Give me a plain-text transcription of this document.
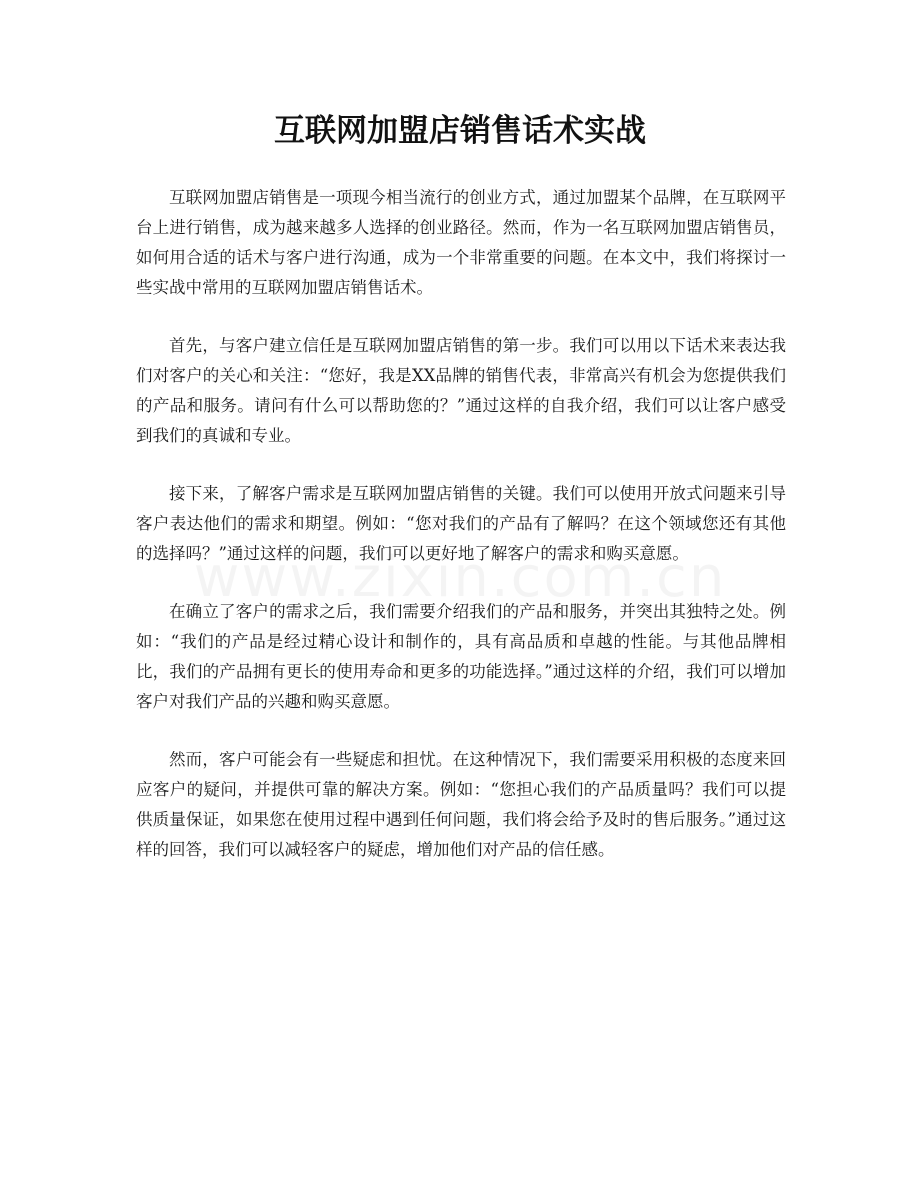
互联网加盟店销售话术实战

互联网加盟店销售是一项现今相当流行的创业方式，通过加盟某个品牌，在互联网平台上进行销售，成为越来越多人选择的创业路径。然而，作为一名互联网加盟店销售员，如何用合适的话术与客户进行沟通，成为一个非常重要的问题。在本文中，我们将探讨一些实战中常用的互联网加盟店销售话术。

首先，与客户建立信任是互联网加盟店销售的第一步。我们可以用以下话术来表达我们对客户的关心和关注：“您好，我是XX品牌的销售代表，非常高兴有机会为您提供我们的产品和服务。请问有什么可以帮助您的？”通过这样的自我介绍，我们可以让客户感受到我们的真诚和专业。

接下来，了解客户需求是互联网加盟店销售的关键。我们可以使用开放式问题来引导客户表达他们的需求和期望。例如：“您对我们的产品有了解吗？在这个领域您还有其他的选择吗？”通过这样的问题，我们可以更好地了解客户的需求和购买意愿。

在确立了客户的需求之后，我们需要介绍我们的产品和服务，并突出其独特之处。例如：“我们的产品是经过精心设计和制作的，具有高品质和卓越的性能。与其他品牌相比，我们的产品拥有更长的使用寿命和更多的功能选择。”通过这样的介绍，我们可以增加客户对我们产品的兴趣和购买意愿。

然而，客户可能会有一些疑虑和担忧。在这种情况下，我们需要采用积极的态度来回应客户的疑问，并提供可靠的解决方案。例如：“您担心我们的产品质量吗？我们可以提供质量保证，如果您在使用过程中遇到任何问题，我们将会给予及时的售后服务。”通过这样的回答，我们可以减轻客户的疑虑，增加他们对产品的信任感。
